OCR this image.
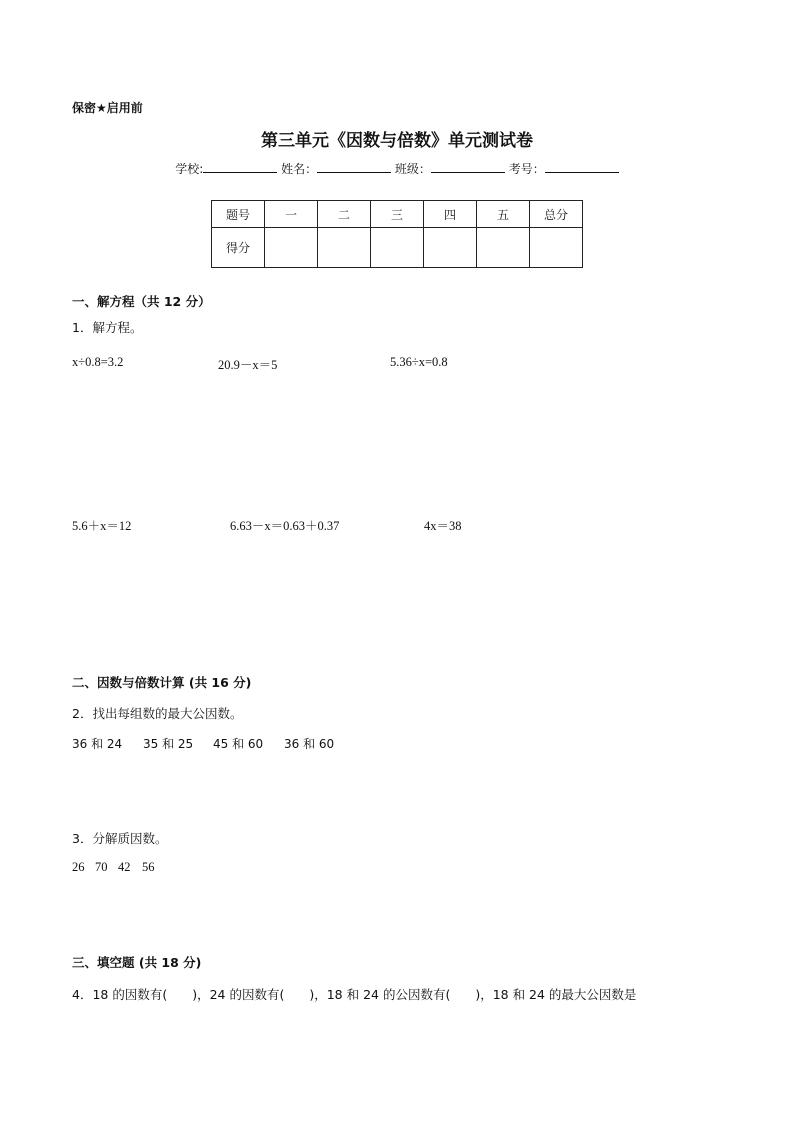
保密★启用前
第三单元《因数与倍数》单元测试卷
学校:	姓名：	班级：	考号：
题号	一	二	三	四	五	总分
得分						
一、解方程（共 12 分）
1．解方程。
x÷0.8=3.2	20.9－x＝5	5.36÷x=0.8
5.6＋x＝12	6.63－x＝0.63＋0.37	4x＝38
二、因数与倍数计算 (共 16 分)
2．找出每组数的最大公因数。
36 和 24 35 和 25 45 和 60 36 和 60
3．分解质因数。
26 70 42 56
三、填空题 (共 18 分)
4．18 的因数有(　　)，24 的因数有(　　)，18 和 24 的公因数有(　　)，18 和 24 的最大公因数是
